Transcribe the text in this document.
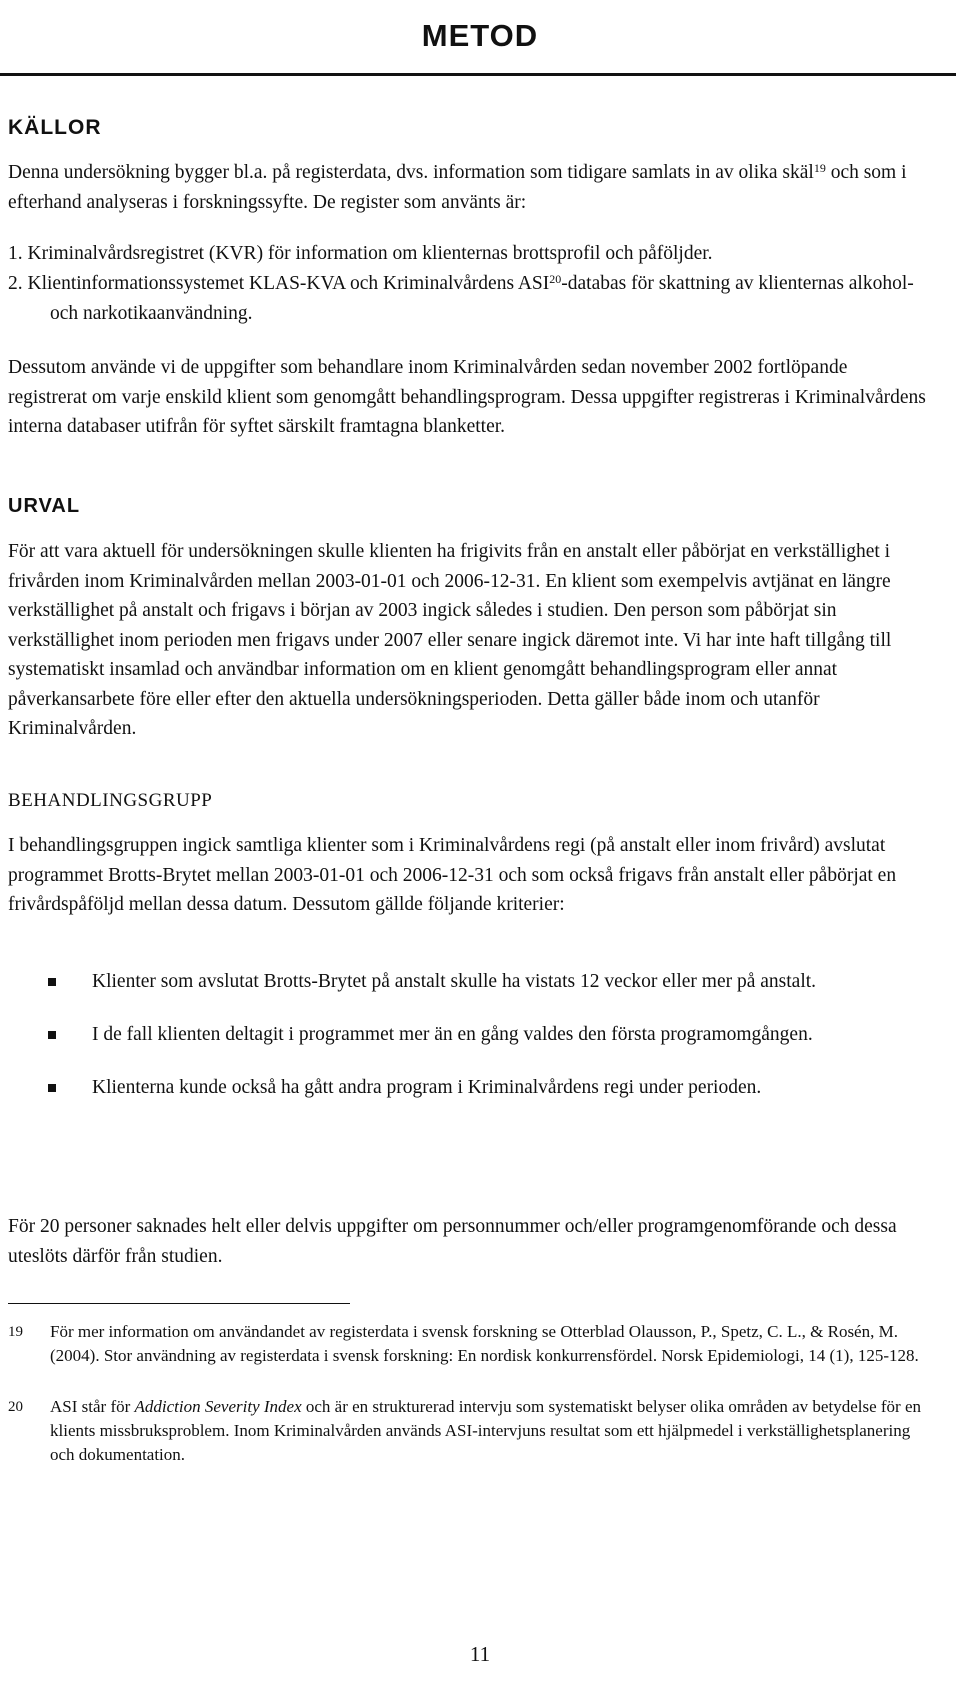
METOD
KÄLLOR

Denna undersökning bygger bl.a. på registerdata, dvs. information som tidigare samlats in av olika skäl$^{19}$ och som i efterhand analyseras i forskningssyfte. De register som använts är:

1. Kriminalvårdsregistret (KVR) för information om klienternas brottsprofil och påföljder.
2. Klientinformationssystemet KLAS-KVA och Kriminalvårdens ASI$^{20}$-databas för skattning av klienternas alkohol- och narkotikaanvändning.

Dessutom använde vi de uppgifter som behandlare inom Kriminalvården sedan november 2002 fortlöpande registrerat om varje enskild klient som genomgått behandlingsprogram. Dessa uppgifter registreras i Kriminalvårdens interna databaser utifrån för syftet särskilt framtagna blanketter.

URVAL

För att vara aktuell för undersökningen skulle klienten ha frigivits från en anstalt eller påbörjat en verkställighet i frivården inom Kriminalvården mellan 2003-01-01 och 2006-12-31. En klient som exempelvis avtjänat en längre verkställighet på anstalt och frigavs i början av 2003 ingick således i studien. Den person som påbörjat sin verkställighet inom perioden men frigavs under 2007 eller senare ingick däremot inte. Vi har inte haft tillgång till systematiskt insamlad och användbar information om en klient genomgått behandlingsprogram eller annat påverkansarbete före eller efter den aktuella undersökningsperioden. Detta gäller både inom och utanför Kriminalvården.

BEHANDLINGSGRUPP

I behandlingsgruppen ingick samtliga klienter som i Kriminalvårdens regi (på anstalt eller inom frivård) avslutat programmet Brotts-Brytet mellan 2003-01-01 och 2006-12-31 och som också frigavs från anstalt eller påbörjat en frivårdspåföljd mellan dessa datum. Dessutom gällde följande kriterier:

Klienter som avslutat Brotts-Brytet på anstalt skulle ha vistats 12 veckor eller mer på anstalt.
I de fall klienten deltagit i programmet mer än en gång valdes den första programomgången.
Klienterna kunde också ha gått andra program i Kriminalvårdens regi under perioden.

För 20 personer saknades helt eller delvis uppgifter om personnummer och/eller programgenomförande och dessa uteslöts därför från studien.

19	För mer information om användandet av registerdata i svensk forskning se Otterblad Olausson, P., Spetz, C. L., & Rosén, M. (2004). Stor användning av registerdata i svensk forskning: En nordisk konkurrensfördel. Norsk Epidemiologi, 14 (1), 125-128.

20	ASI står för Addiction Severity Index och är en strukturerad intervju som systematiskt belyser olika områden av betydelse för en klients missbruksproblem. Inom Kriminalvården används ASI-intervjuns resultat som ett hjälpmedel i verkställighetsplanering och dokumentation.

11
